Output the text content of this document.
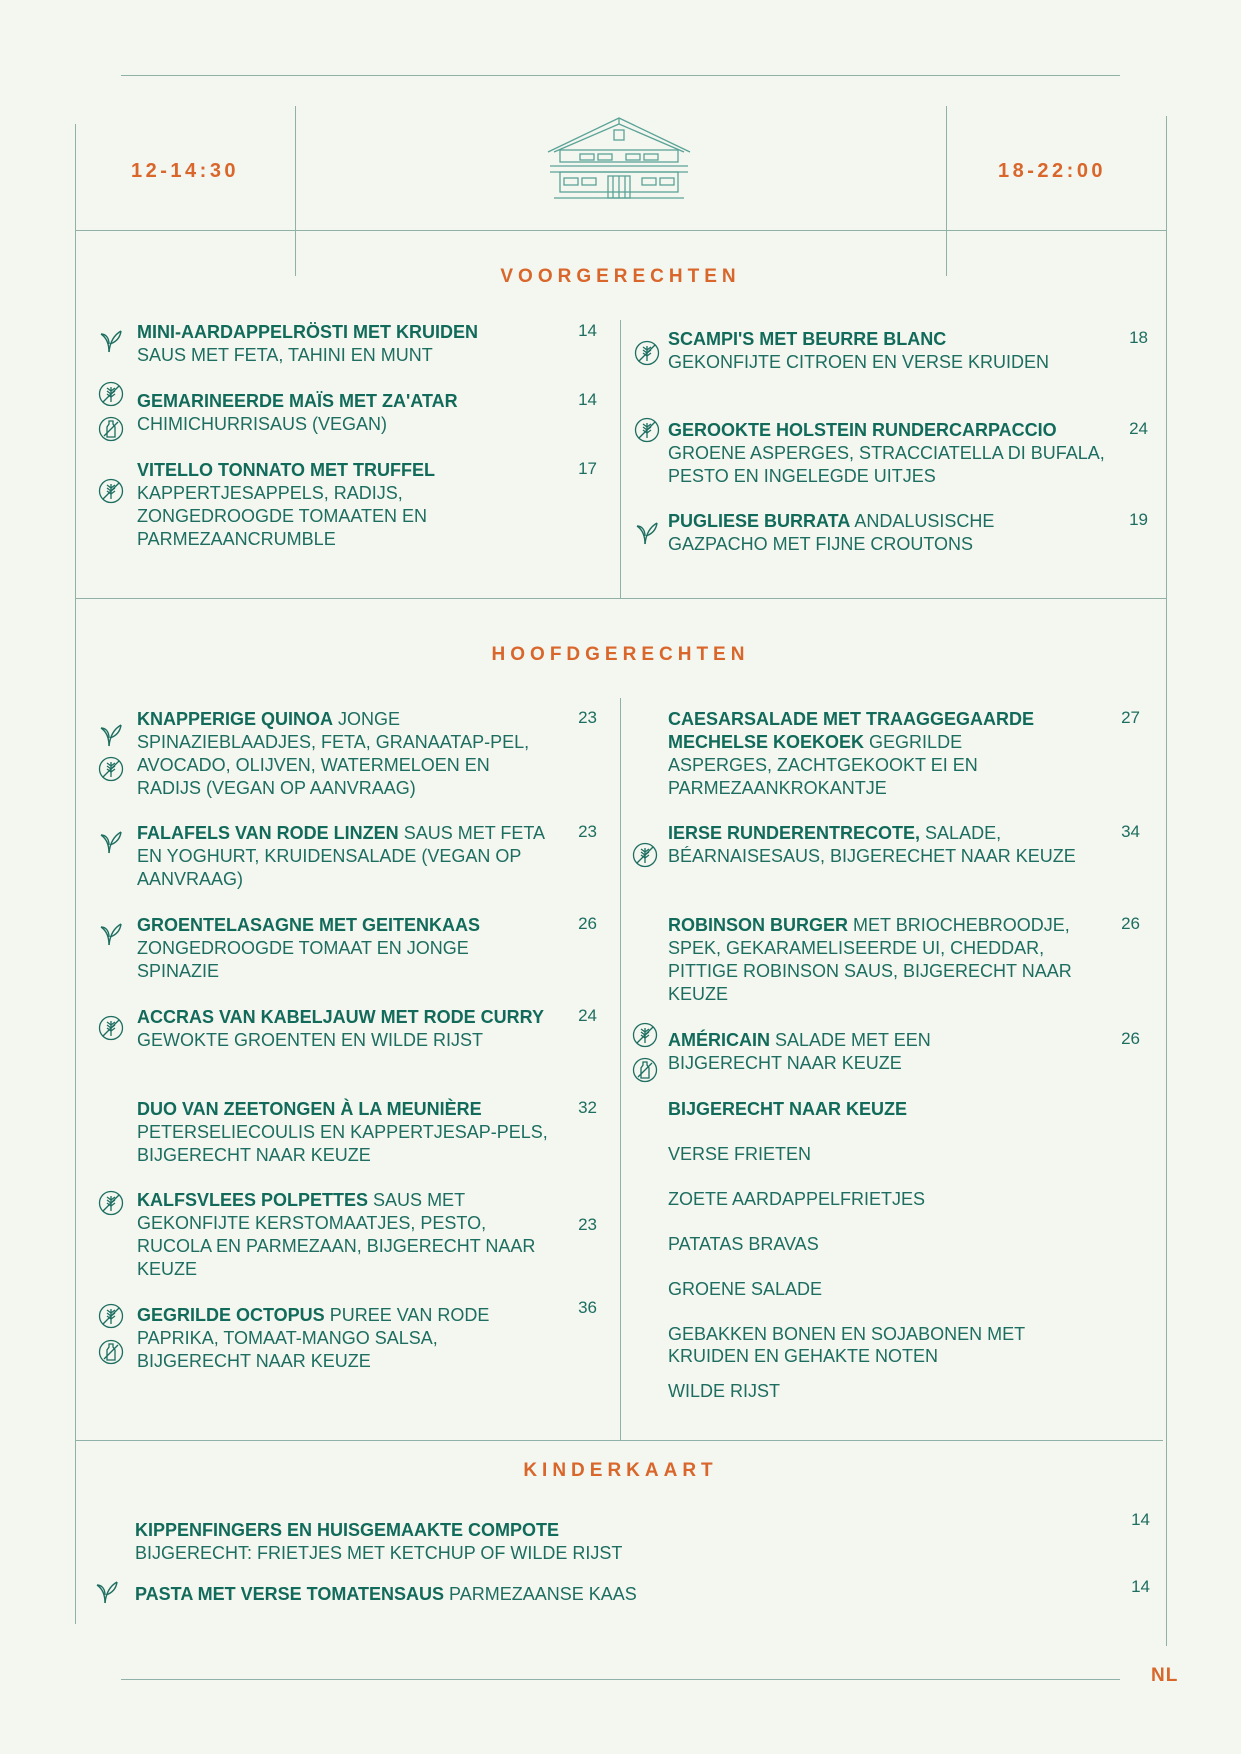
12-14:30	18-22:00
VOORGERECHTEN
HOOFDGERECHTEN
KINDERKAART
MINI-AARDAPPELRÖSTI MET KRUIDEN
SAUS MET FETA, TAHINI EN MUNT
14
GEMARINEERDE MAÏS MET ZA'ATAR
CHIMICHURRISAUS (VEGAN)
14
VITELLO TONNATO MET TRUFFEL
KAPPERTJESAPPELS, RADIJS, ZONGEDROOGDE TOMAATEN EN PARMEZAANCRUMBLE
17
SCAMPI'S MET BEURRE BLANC
GEKONFIJTE CITROEN EN VERSE KRUIDEN
18
GEROOKTE HOLSTEIN RUNDERCARPACCIO
GROENE ASPERGES, STRACCIATELLA DI BUFALA, PESTO EN INGELEGDE UITJES
24
PUGLIESE BURRATA ANDALUSISCHE GAZPACHO MET FIJNE CROUTONS
19
KNAPPERIGE QUINOA JONGE SPINAZIEBLAADJES, FETA, GRANAATAP-PEL, AVOCADO, OLIJVEN, WATERMELOEN EN RADIJS (VEGAN OP AANVRAAG)
23
FALAFELS VAN RODE LINZEN SAUS MET FETA EN YOGHURT, KRUIDENSALADE (VEGAN OP AANVRAAG)
23
GROENTELASAGNE MET GEITENKAAS
ZONGEDROOGDE TOMAAT EN JONGE SPINAZIE
26
ACCRAS VAN KABELJAUW MET RODE CURRY GEWOKTE GROENTEN EN WILDE RIJST
24
DUO VAN ZEETONGEN À LA MEUNIÈRE
PETERSELIECOULIS EN KAPPERTJESAP-PELS, BIJGERECHT NAAR KEUZE
32
KALFSVLEES POLPETTES SAUS MET GEKONFIJTE KERSTOMAATJES, PESTO, RUCOLA EN PARMEZAAN, BIJGERECHT NAAR KEUZE
23
GEGRILDE OCTOPUS PUREE VAN RODE PAPRIKA, TOMAAT-MANGO SALSA, BIJGERECHT NAAR KEUZE
36
CAESARSALADE MET TRAAGGEGAARDE MECHELSE KOEKOEK GEGRILDE ASPERGES, ZACHTGEKOOKT EI EN PARMEZAANKROKANTJE
27
IERSE RUNDERENTRECOTE, SALADE, BÉARNAISESAUS, BIJGERECHET NAAR KEUZE
34
ROBINSON BURGER MET BRIOCHEBROODJE, SPEK, GEKARAMELISEERDE UI, CHEDDAR, PITTIGE ROBINSON SAUS, BIJGERECHT NAAR KEUZE
26
AMÉRICAIN SALADE MET EEN BIJGERECHT NAAR KEUZE
26
BIJGERECHT NAAR KEUZE
VERSE FRIETEN
ZOETE AARDAPPELFRIETJES
PATATAS BRAVAS
GROENE SALADE
GEBAKKEN BONEN EN SOJABONEN MET KRUIDEN EN GEHAKTE NOTEN
WILDE RIJST
KIPPENFINGERS EN HUISGEMAAKTE COMPOTE
BIJGERECHT: FRIETJES MET KETCHUP OF WILDE RIJST
14
PASTA MET VERSE TOMATENSAUS PARMEZAANSE KAAS	14
NL
